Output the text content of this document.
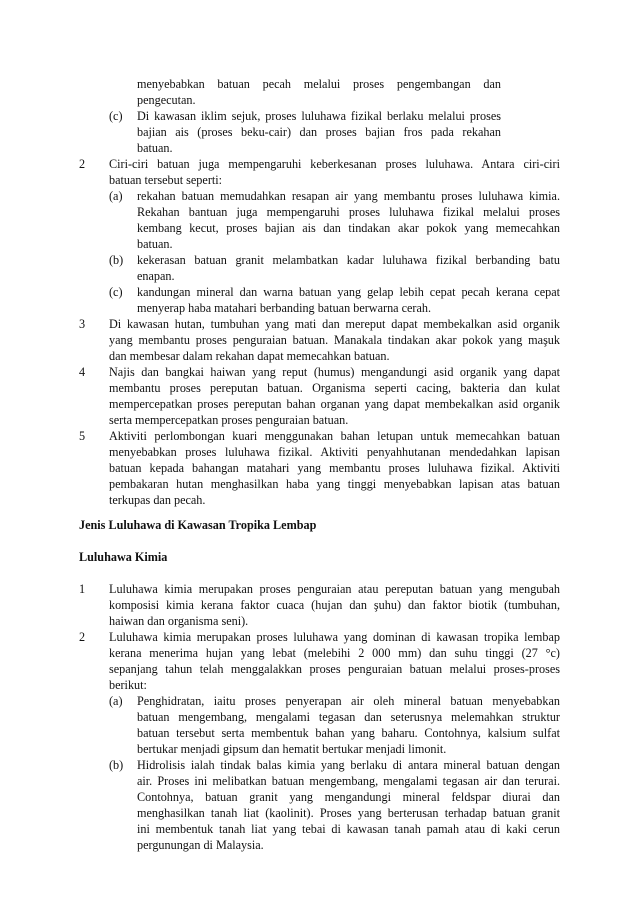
menyebabkan batuan pecah melalui proses pengembangan dan
pengecutan.
(c) Di kawasan iklim sejuk, proses luluhawa fizikal berlaku melalui proses
bajian ais (proses beku-cair) dan proses bajian fros pada rekahan
batuan.
2 Ciri-ciri batuan juga mempengaruhi keberkesanan proses luluhawa. Antara ciri-ciri
batuan tersebut seperti:
(a) rekahan batuan memudahkan resapan air yang membantu proses luluhawa kimia.
Rekahan bantuan juga mempengaruhi proses luluhawa fizikal melalui proses
kembang kecut, proses bajian ais dan tindakan akar pokok yang memecahkan
batuan.
(b) kekerasan batuan granit melambatkan kadar luluhawa fizikal berbanding batu
enapan.
(c) kandungan mineral dan warna batuan yang gelap lebih cepat pecah kerana cepat
menyerap haba matahari berbanding batuan berwarna cerah.
3 Di kawasan hutan, tumbuhan yang mati dan mereput dapat membekalkan asid organik
yang membantu proses penguraian batuan. Manakala tindakan akar pokok yang maşuk
dan membesar dalam rekahan dapat memecahkan batuan.
4 Najis dan bangkai haiwan yang reput (humus) mengandungi asid organik yang dapat
membantu proses pereputan batuan. Organisma seperti cacing, bakteria dan kulat
mempercepatkan proses pereputan bahan organan yang dapat membekalkan asid organik
serta mempercepatkan proses penguraian batuan.
5 Aktiviti perlombongan kuari menggunakan bahan letupan untuk memecahkan batuan
menyebabkan proses luluhawa fizikal. Aktiviti penyahhutanan mendedahkan lapisan
batuan kepada bahangan matahari yang membantu proses luluhawa fizikal. Aktiviti
pembakaran hutan menghasilkan haba yang tinggi menyebabkan lapisan atas batuan
terkupas dan pecah.
Jenis Luluhawa di Kawasan Tropika Lembap
Luluhawa Kimia
1 Luluhawa kimia merupakan proses penguraian atau pereputan batuan yang mengubah
komposisi kimia kerana faktor cuaca (hujan dan şuhu) dan faktor biotik (tumbuhan,
haiwan dan organisma seni).
2 Luluhawa kimia merupakan proses luluhawa yang dominan di kawasan tropika lembap
kerana menerima hujan yang lebat (melebihi 2 000 mm) dan suhu tinggi (27 °c)
sepanjang tahun telah menggalakkan proses penguraian batuan melalui proses-proses
berikut:
(a) Penghidratan, iaitu proses penyerapan air oleh mineral batuan menyebabkan
batuan mengembang, mengalami tegasan dan seterusnya melemahkan struktur
batuan tersebut serta membentuk bahan yang baharu. Contohnya, kalsium sulfat
bertukar menjadi gipsum dan hematit bertukar menjadi limonit.
(b) Hidrolisis ialah tindak balas kimia yang berlaku di antara mineral batuan dengan
air. Proses ini melibatkan batuan mengembang, mengalami tegasan air dan terurai.
Contohnya, batuan granit yang mengandungi mineral feldspar diurai dan
menghasilkan tanah liat (kaolinit). Proses yang berterusan terhadap batuan granit
ini membentuk tanah liat yang tebai di kawasan tanah pamah atau di kaki cerun
pergunungan di Malaysia.
